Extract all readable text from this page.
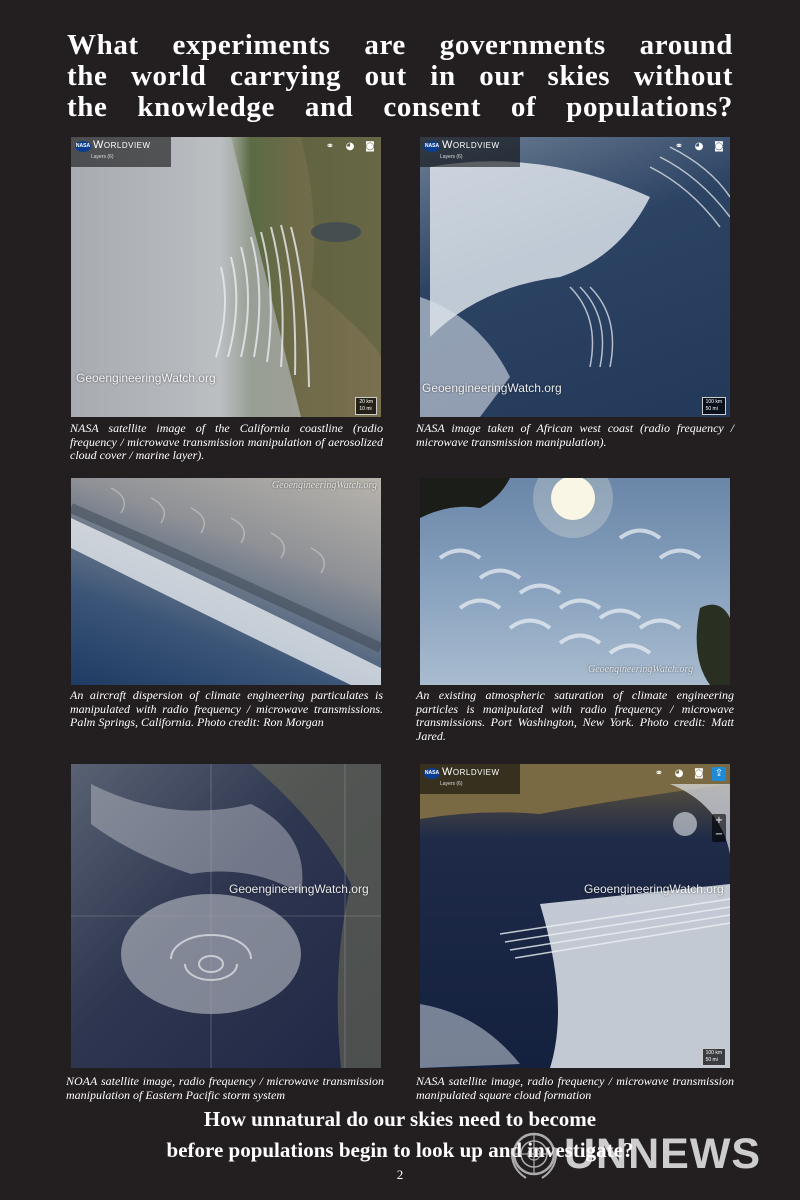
What experiments are governments around
the world carrying out in our skies without
the knowledge and consent of populations?
NASA Worldview
Layers (6)
⚭ ◕ ◙
GeoengineeringWatch.org
20 km
10 mi
NASA satellite image of the California coastline (radio frequency / microwave transmission manipulation of aerosolized cloud cover / marine layer).
NASA Worldview
Layers (6)
⚭ ◕ ◙
GeoengineeringWatch.org
100 km
50 mi
NASA image taken of African west coast (radio frequency / microwave transmission manipulation).
GeoengineeringWatch.org
An aircraft dispersion of climate engineering particulates is manipulated with radio frequency / microwave transmissions. Palm Springs, California. Photo credit: Ron Morgan
GeoengineeringWatch.org
An existing atmospheric saturation of climate engineering particles is manipulated with radio frequency / microwave transmissions. Port Washington, New York. Photo credit: Matt Jared.
GeoengineeringWatch.org
NOAA satellite image, radio frequency / microwave transmission manipulation of Eastern Pacific storm system
NASA Worldview
Layers (6)
⚭ ◕ ◙ ⇪
+
−
GeoengineeringWatch.org
100 km
50 mi
NASA satellite image, radio frequency / microwave transmission manipulated square cloud formation
How unnatural do our skies need to become
before populations begin to look up and investigate?
2	UNNEWS
